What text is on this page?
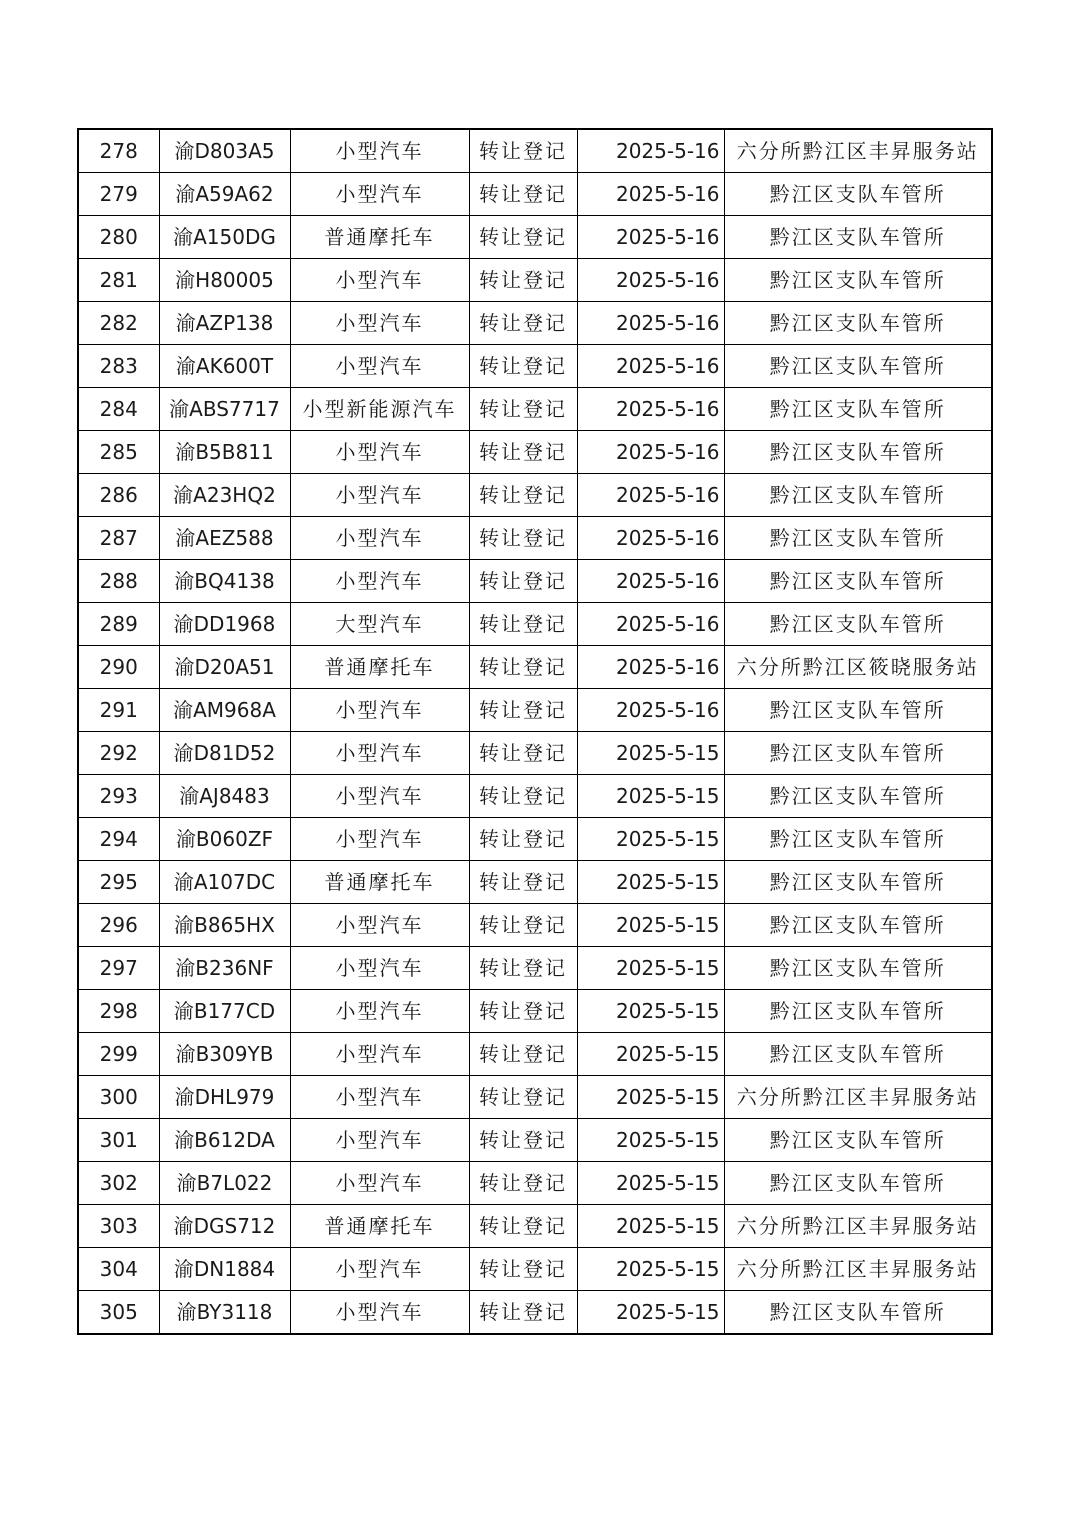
278	渝D803A5	小型汽车	转让登记	2025-5-16	六分所黔江区丰昇服务站
279	渝A59A62	小型汽车	转让登记	2025-5-16	黔江区支队车管所
280	渝A150DG	普通摩托车	转让登记	2025-5-16	黔江区支队车管所
281	渝H80005	小型汽车	转让登记	2025-5-16	黔江区支队车管所
282	渝AZP138	小型汽车	转让登记	2025-5-16	黔江区支队车管所
283	渝AK600T	小型汽车	转让登记	2025-5-16	黔江区支队车管所
284	渝ABS7717	小型新能源汽车	转让登记	2025-5-16	黔江区支队车管所
285	渝B5B811	小型汽车	转让登记	2025-5-16	黔江区支队车管所
286	渝A23HQ2	小型汽车	转让登记	2025-5-16	黔江区支队车管所
287	渝AEZ588	小型汽车	转让登记	2025-5-16	黔江区支队车管所
288	渝BQ4138	小型汽车	转让登记	2025-5-16	黔江区支队车管所
289	渝DD1968	大型汽车	转让登记	2025-5-16	黔江区支队车管所
290	渝D20A51	普通摩托车	转让登记	2025-5-16	六分所黔江区筱晓服务站
291	渝AM968A	小型汽车	转让登记	2025-5-16	黔江区支队车管所
292	渝D81D52	小型汽车	转让登记	2025-5-15	黔江区支队车管所
293	渝AJ8483	小型汽车	转让登记	2025-5-15	黔江区支队车管所
294	渝B060ZF	小型汽车	转让登记	2025-5-15	黔江区支队车管所
295	渝A107DC	普通摩托车	转让登记	2025-5-15	黔江区支队车管所
296	渝B865HX	小型汽车	转让登记	2025-5-15	黔江区支队车管所
297	渝B236NF	小型汽车	转让登记	2025-5-15	黔江区支队车管所
298	渝B177CD	小型汽车	转让登记	2025-5-15	黔江区支队车管所
299	渝B309YB	小型汽车	转让登记	2025-5-15	黔江区支队车管所
300	渝DHL979	小型汽车	转让登记	2025-5-15	六分所黔江区丰昇服务站
301	渝B612DA	小型汽车	转让登记	2025-5-15	黔江区支队车管所
302	渝B7L022	小型汽车	转让登记	2025-5-15	黔江区支队车管所
303	渝DGS712	普通摩托车	转让登记	2025-5-15	六分所黔江区丰昇服务站
304	渝DN1884	小型汽车	转让登记	2025-5-15	六分所黔江区丰昇服务站
305	渝BY3118	小型汽车	转让登记	2025-5-15	黔江区支队车管所
